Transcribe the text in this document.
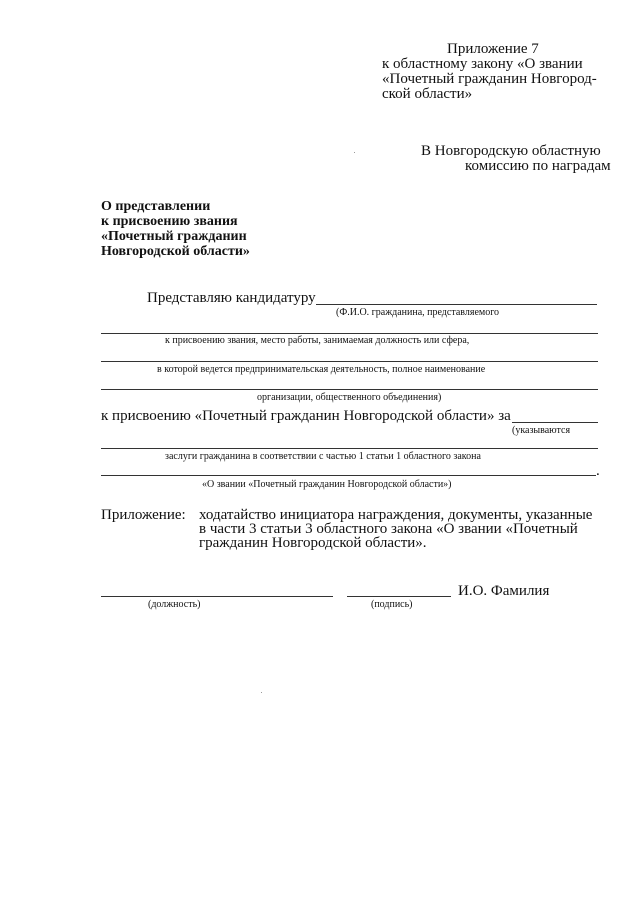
Приложение 7
к областному закону «О звании
«Почетный гражданин Новгород-
ской области»
В Новгородскую областную
комиссию по наградам
О представлении
к присвоению звания
«Почетный гражданин
Новгородской области»
Представляю кандидатуру
(Ф.И.О. гражданина, представляемого
к присвоению звания, место работы, занимаемая должность или сфера,
в которой ведется предпринимательская деятельность, полное наименование
организации, общественного объединения)
к присвоению «Почетный гражданин Новгородской области» за
(указываются
заслуги гражданина в соответствии с частью 1 статьи 1 областного закона
.
«О звании «Почетный гражданин Новгородской области»)
Приложение: ходатайство инициатора награждения, документы, указанные
в части 3 статьи 3 областного закона «О звании «Почетный
гражданин Новгородской области».
И.О. Фамилия
(должность)	(подпись)
